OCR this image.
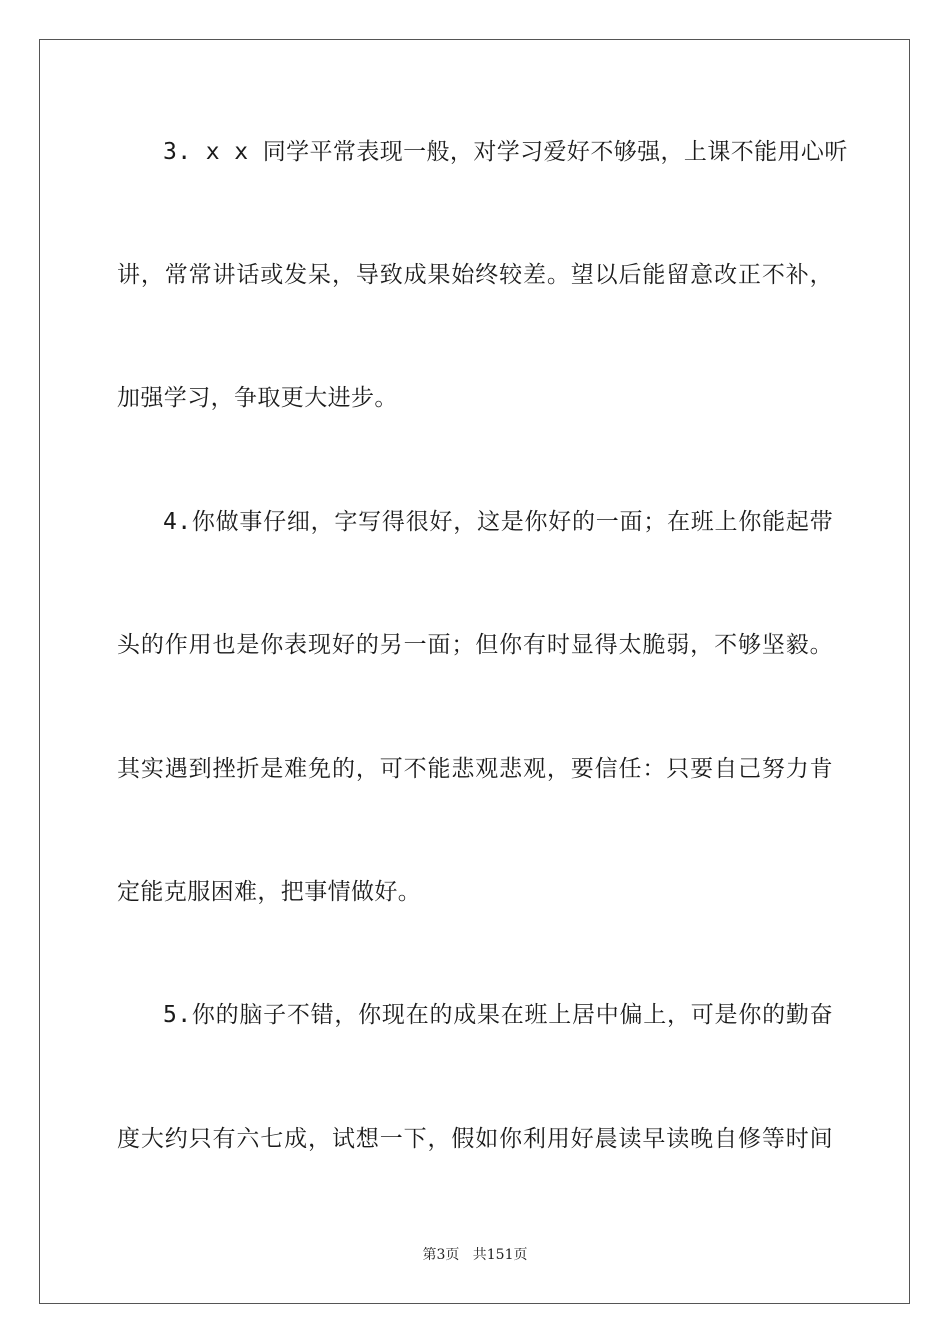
3. x x 同学平常表现一般，对学习爱好不够强，上课不能用心听
讲，常常讲话或发呆，导致成果始终较差。望以后能留意改正不补，
加强学习，争取更大进步。
4.你做事仔细，字写得很好，这是你好的一面；在班上你能起带
头的作用也是你表现好的另一面；但你有时显得太脆弱，不够坚毅。
其实遇到挫折是难免的，可不能悲观悲观，要信任：只要自己努力肯
定能克服困难，把事情做好。
5.你的脑子不错，你现在的成果在班上居中偏上，可是你的勤奋
度大约只有六七成，试想一下，假如你利用好晨读早读晚自修等时间
第3页 共151页
